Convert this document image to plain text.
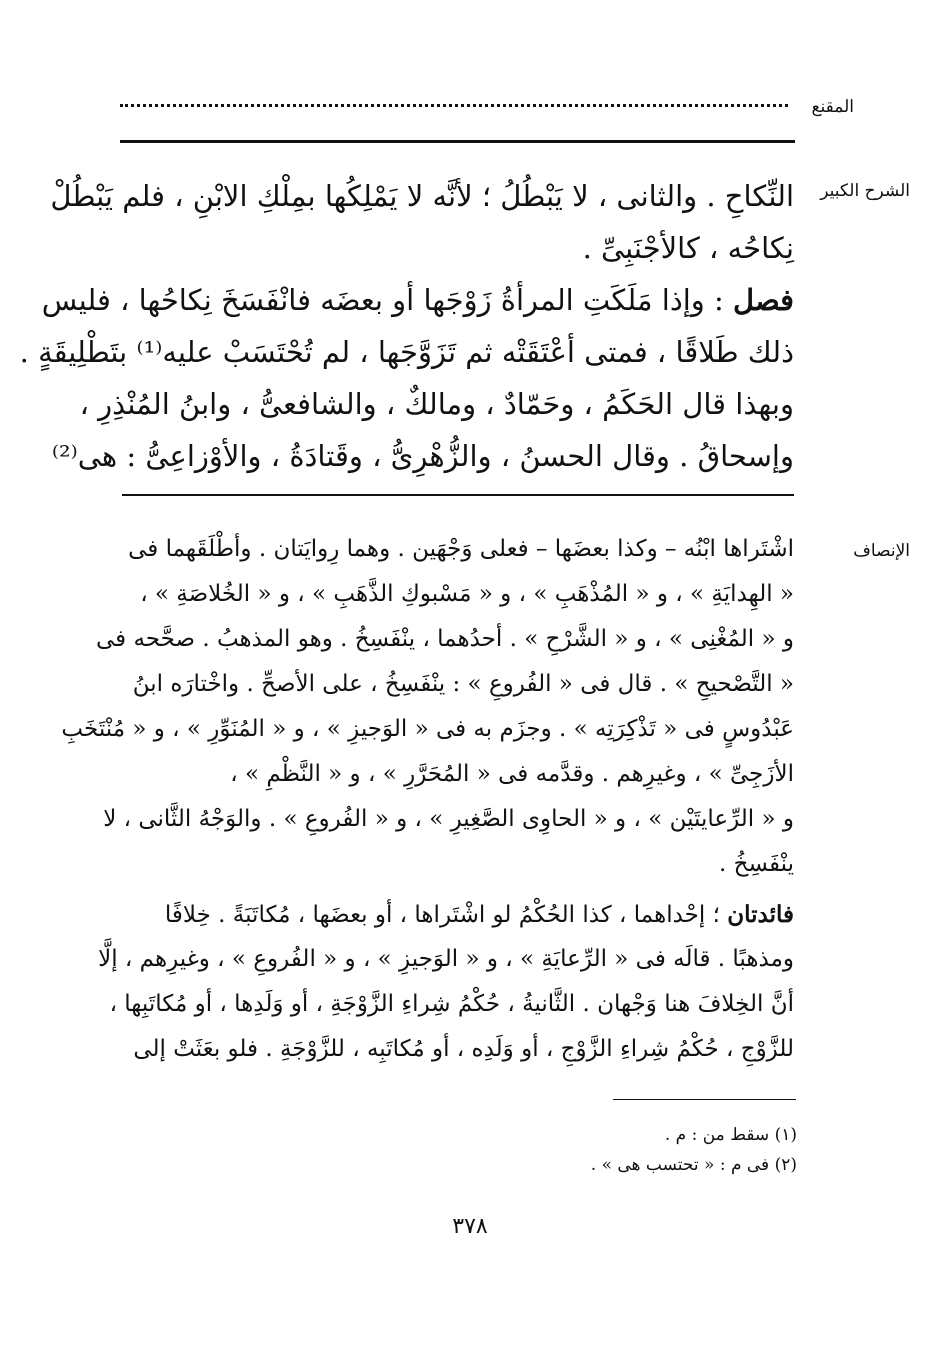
المقنع
الشرح الكبير
النِّكاحِ . والثانى ، لا يَبْطُلُ ؛ لأنَّه لا يَمْلِكُها بمِلْكِ الابْنِ ، فلم يَبْطُلْ
نِكاحُه ، كالأجْنَبِىِّ .
فصل : وإذا مَلَكَتِ المرأةُ زَوْجَها أو بعضَه فانْفَسَخَ نِكاحُها ، فليس
ذلك طَلاقًا ، فمتى أعْتَقَتْه ثم تَزَوَّجَها ، لم تُحْتَسَبْ عليه⁽¹⁾ بتَطْلِيقَةٍ .
وبهذا قال الحَكَمُ ، وحَمّادٌ ، ومالكٌ ، والشافعىُّ ، وابنُ المُنْذِرِ ،
وإسحاقُ . وقال الحسنُ ، والزُّهْرِىُّ ، وقَتادَةُ ، والأوْزاعِىُّ : هى⁽²⁾
الإنصاف
اشْتَراها ابْنُه – وكذا بعضَها – فعلى وَجْهَين . وهما رِوايَتان . وأطْلَقَهما فى
« الهِدايَةِ » ، و « المُذْهَبِ » ، و « مَسْبوكِ الذَّهَبِ » ، و « الخُلاصَةِ » ،
و « المُغْنِى » ، و « الشَّرْحِ » . أحدُهما ، ينْفَسِخُ . وهو المذهبُ . صحَّحه فى
« التَّصْحيحِ » . قال فى « الفُروعِ » : ينْفَسِخُ ، على الأصحِّ . واخْتارَه ابنُ
عَبْدُوسٍ فى « تَذْكِرَتِه » . وجزَم به فى « الوَجيزِ » ، و « المُنَوِّرِ » ، و « مُنْتَخَبِ
الأزَجِىِّ » ، وغيرِهم . وقدَّمه فى « المُحَرَّرِ » ، و « النَّظْمِ » ،
و « الرِّعايتَيْن » ، و « الحاوِى الصَّغِيرِ » ، و « الفُروعِ » . والوَجْهُ الثَّانى ، لا
ينْفَسِخُ .
فائدتان ؛ إحْداهما ، كذا الحُكْمُ لو اشْتَراها ، أو بعضَها ، مُكاتَبَةً . خِلافًا
ومذهبًا . قالَه فى « الرِّعايَةِ » ، و « الوَجيزِ » ، و « الفُروعِ » ، وغيرِهم ، إلَّا
أنَّ الخِلافَ هنا وَجْهان . الثَّانيةُ ، حُكْمُ شِراءِ الزَّوْجَةِ ، أو وَلَدِها ، أو مُكاتَبِها ،
للزَّوْجِ ، حُكْمُ شِراءِ الزَّوْجِ ، أو وَلَدِه ، أو مُكاتَبِه ، للزَّوْجَةِ . فلو بعَثَتْ إلى
(١) سقط من : م .
(٢) فى م : « تحتسب هى » .
٣٧٨
